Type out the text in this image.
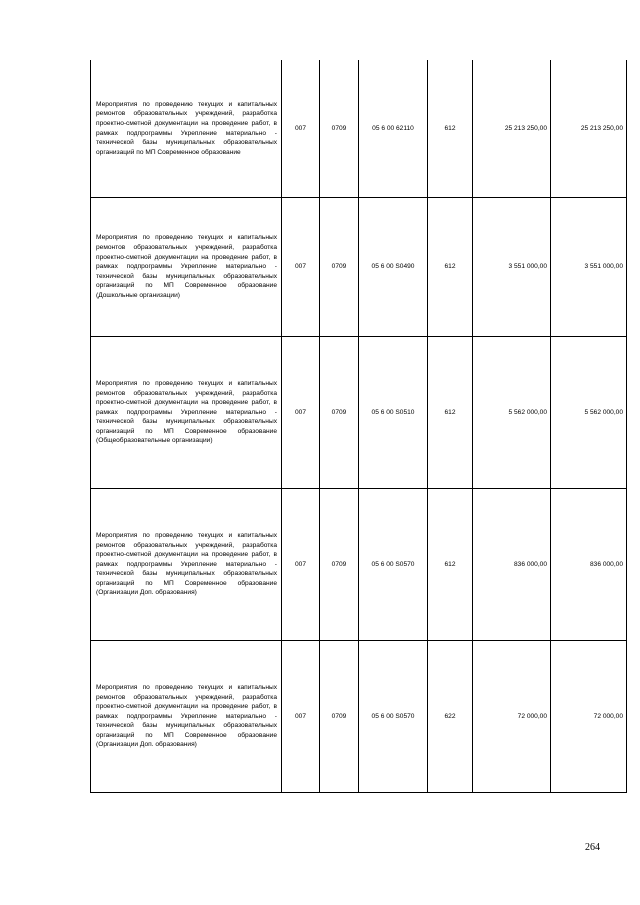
Мероприятия по проведению текущих и капитальных ремонтов образовательных учреждений, разработка проектно-сметной документации на проведение работ, в рамках подпрограммы Укрепление материально - технической базы муниципальных образовательных организаций по МП Современное образование	007	0709	05 6 00 62110	612	25 213 250,00	25 213 250,00
Мероприятия по проведению текущих и капитальных ремонтов образовательных учреждений, разработка проектно-сметной документации на проведение работ, в рамках подпрограммы Укрепление материально - технической базы муниципальных образовательных организаций по МП Современное образование (Дошкольные организации)	007	0709	05 6 00 S0490	612	3 551 000,00	3 551 000,00
Мероприятия по проведению текущих и капитальных ремонтов образовательных учреждений, разработка проектно-сметной документации на проведение работ, в рамках подпрограммы Укрепление материально - технической базы муниципальных образовательных организаций по МП Современное образование (Общеобразовательные организации)	007	0709	05 6 00 S0510	612	5 562 000,00	5 562 000,00
Мероприятия по проведению текущих и капитальных ремонтов образовательных учреждений, разработка проектно-сметной документации на проведение работ, в рамках подпрограммы Укрепление материально - технической базы муниципальных образовательных организаций по МП Современное образование (Организации Доп. образования)	007	0709	05 6 00 S0570	612	836 000,00	836 000,00
Мероприятия по проведению текущих и капитальных ремонтов образовательных учреждений, разработка проектно-сметной документации на проведение работ, в рамках подпрограммы Укрепление материально - технической базы муниципальных образовательных организаций по МП Современное образование (Организации Доп. образования)	007	0709	05 6 00 S0570	622	72 000,00	72 000,00
264
